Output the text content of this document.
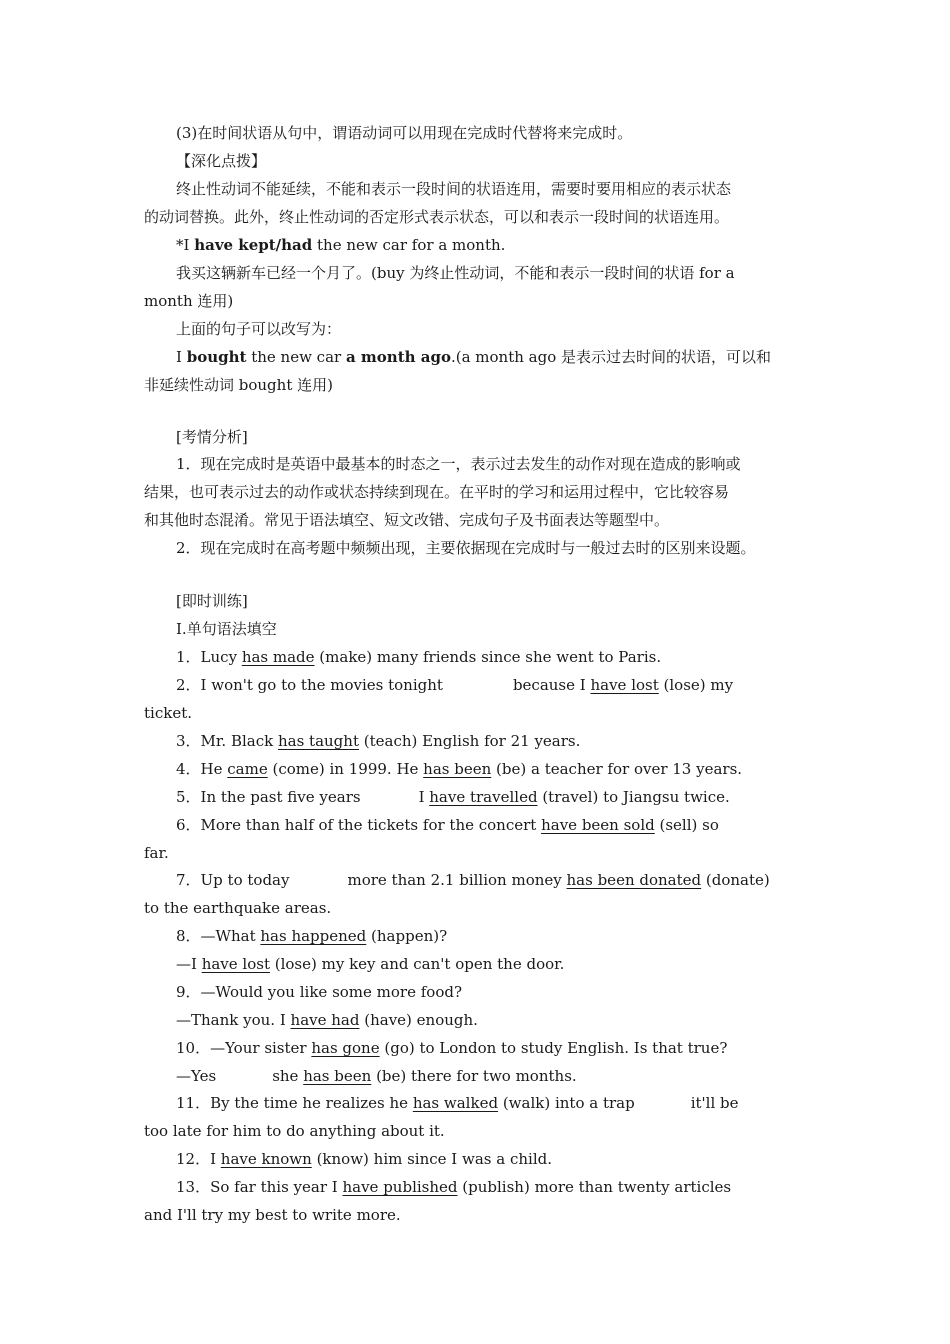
(3)在时间状语从句中，谓语动词可以用现在完成时代替将来完成时。
【深化点拨】
终止性动词不能延续，不能和表示一段时间的状语连用，需要时要用相应的表示状态
的动词替换。此外，终止性动词的否定形式表示状态，可以和表示一段时间的状语连用。
*I have kept/had the new car for a month.
我买这辆新车已经一个月了。(buy 为终止性动词，不能和表示一段时间的状语 for a
month 连用)
上面的句子可以改写为：
I bought the new car a month ago.(a month ago 是表示过去时间的状语，可以和
非延续性动词 bought 连用)
[考情分析]
1．现在完成时是英语中最基本的时态之一，表示过去发生的动作对现在造成的影响或
结果，也可表示过去的动作或状态持续到现在。在平时的学习和运用过程中，它比较容易
和其他时态混淆。常见于语法填空、短文改错、完成句子及书面表达等题型中。
2．现在完成时在高考题中频频出现，主要依据现在完成时与一般过去时的区别来设题。
[即时训练]
Ⅰ.单句语法填空
1．Lucy has made (make) many friends since she went to Paris.
2．I won't go to the movies tonight	because I have lost (lose) my
ticket.
3．Mr. Black has taught (teach) English for 21 years.
4．He came (come) in 1999. He has been (be) a teacher for over 13 years.
5．In the past five years	I have travelled (travel) to Jiangsu twice.
6．More than half of the tickets for the concert have been sold (sell) so
far.
7．Up to today	more than 2.1 billion money has been donated (donate)
to the earthquake areas.
8．—What has happened (happen)?
—I have lost (lose) my key and can't open the door.
9．—Would you like some more food?
—Thank you. I have had (have) enough.
10．—Your sister has gone (go) to London to study English. Is that true?
—Yes	she has been (be) there for two months.
11．By the time he realizes he has walked (walk) into a trap	it'll be
too late for him to do anything about it.
12．I have known (know) him since I was a child.
13．So far this year I have published (publish) more than twenty articles
and I'll try my best to write more.
